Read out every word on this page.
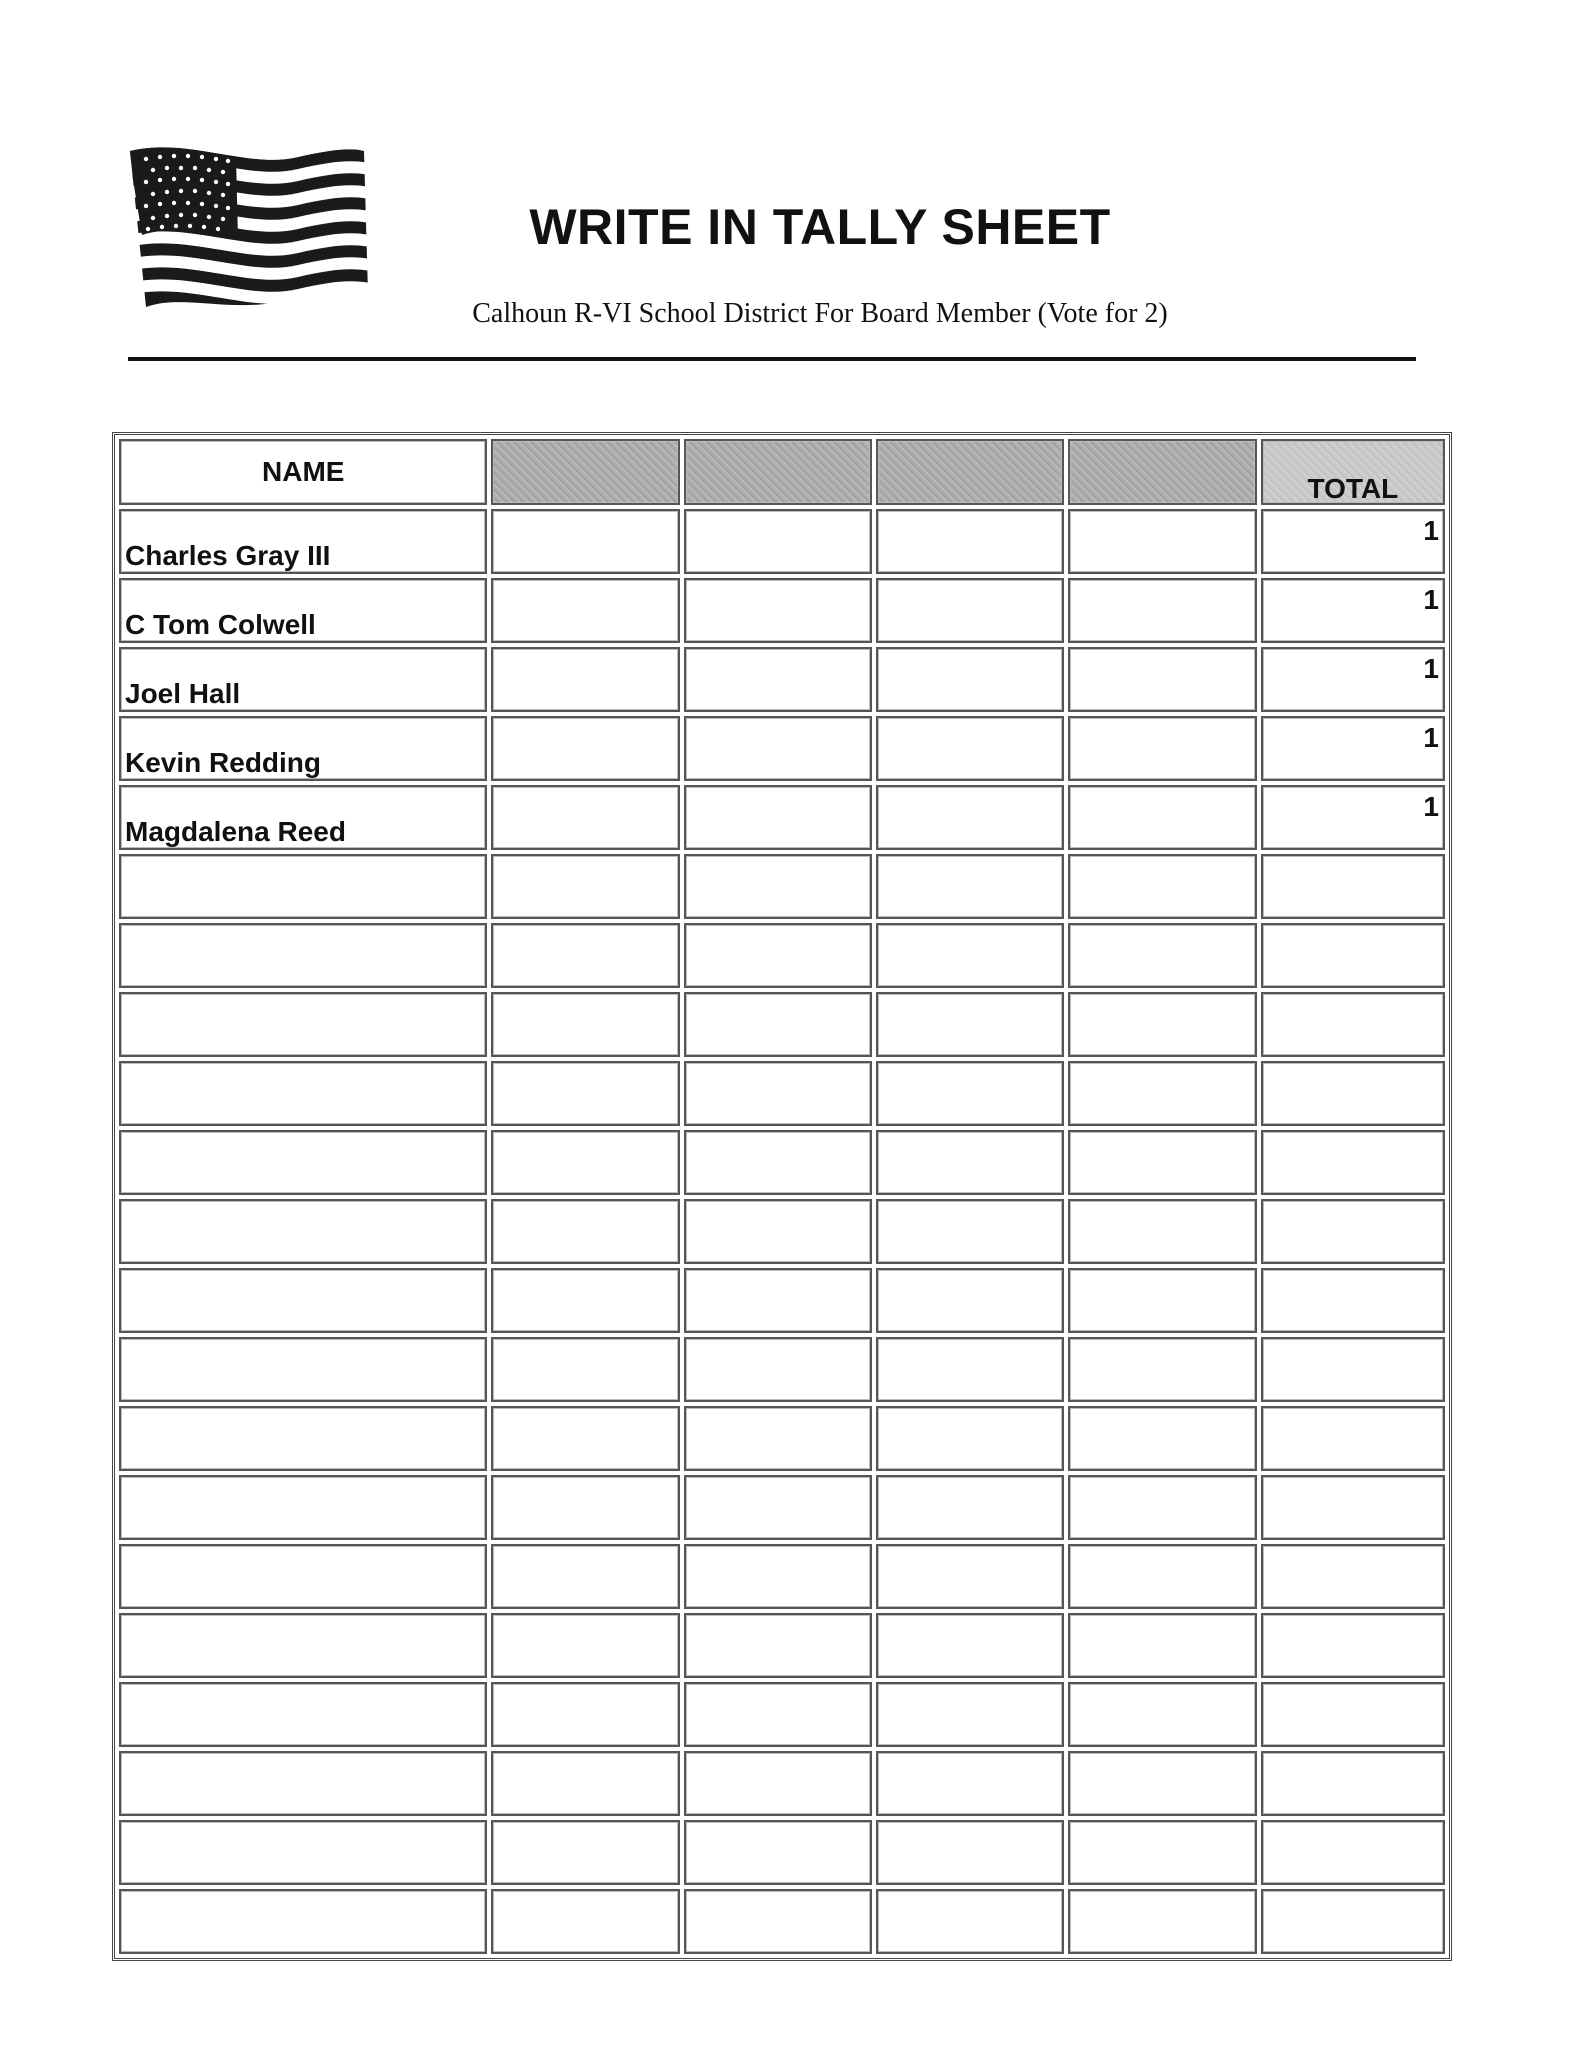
WRITE IN TALLY SHEET

Calhoun R-VI School District For Board Member (Vote for 2)

NAME					TOTAL
Charles Gray III					1
C Tom Colwell					1
Joel Hall					1
Kevin Redding					1
Magdalena Reed					1
